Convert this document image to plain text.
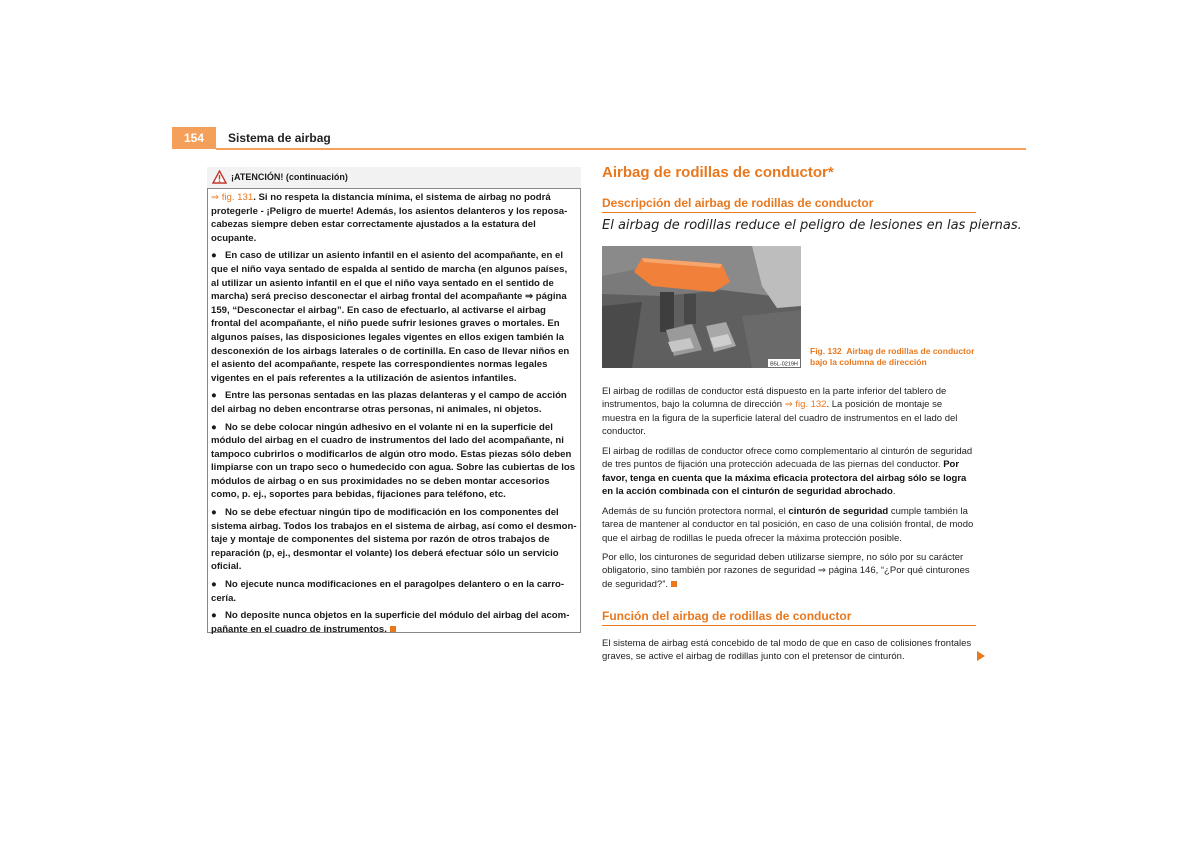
154	Sistema de airbag
¡ATENCIÓN! (continuación)

⇒ fig. 131. Si no respeta la distancia mínima, el sistema de airbag no podrá protegerle - ¡Peligro de muerte! Además, los asientos delanteros y los reposacabezas siempre deben estar correctamente ajustados a la estatura del ocupante.

● En caso de utilizar un asiento infantil en el asiento del acompañante, en el que el niño vaya sentado de espalda al sentido de marcha (en algunos países, al utilizar un asiento infantil en el que el niño vaya sentado en el sentido de marcha) será preciso desconectar el airbag frontal del acompañante ⇒ página 159, “Desconectar el airbag”. En caso de efectuarlo, al activarse el airbag frontal del acompañante, el niño puede sufrir lesiones graves o mortales. En algunos países, las disposiciones legales vigentes en ellos exigen también la desconexión de los airbags laterales o de cortinilla. En caso de llevar niños en el asiento del acompañante, respete las correspondientes normas legales vigentes en el país referentes a la utilización de asientos infantiles.

● Entre las personas sentadas en las plazas delanteras y el campo de acción del airbag no deben encontrarse otras personas, ni animales, ni objetos.

● No se debe colocar ningún adhesivo en el volante ni en la superficie del módulo del airbag en el cuadro de instrumentos del lado del acompañante, ni tampoco cubrirlos o modificarlos de algún otro modo. Estas piezas sólo deben limpiarse con un trapo seco o humedecido con agua. Sobre las cubiertas de los módulos de airbag o en sus proximidades no se deben montar accesorios como, p. ej., soportes para bebidas, fijaciones para teléfono, etc.

● No se debe efectuar ningún tipo de modificación en los componentes del sistema airbag. Todos los trabajos en el sistema de airbag, así como el desmontaje y montaje de componentes del sistema por razón de otros trabajos de reparación (p, ej., desmontar el volante) los deberá efectuar sólo un servicio oficial.

● No ejecute nunca modificaciones en el paragolpes delantero o en la carrocería.

● No deposite nunca objetos en la superficie del módulo del airbag del acompañante en el cuadro de instrumentos.

Airbag de rodillas de conductor*
Descripción del airbag de rodillas de conductor
El airbag de rodillas reduce el peligro de lesiones en las piernas.
B5L-0219H
Fig. 132 Airbag de rodillas de conductor bajo la columna de dirección
El airbag de rodillas de conductor está dispuesto en la parte inferior del tablero de instrumentos, bajo la columna de dirección ⇒ fig. 132. La posición de montaje se muestra en la figura de la superficie lateral del cuadro de instrumentos en el lado del conductor.
El airbag de rodillas de conductor ofrece como complementario al cinturón de seguridad de tres puntos de fijación una protección adecuada de las piernas del conductor. Por favor, tenga en cuenta que la máxima eficacia protectora del airbag sólo se logra en la acción combinada con el cinturón de seguridad abrochado.
Además de su función protectora normal, el cinturón de seguridad cumple también la tarea de mantener al conductor en tal posición, en caso de una colisión frontal, de modo que el airbag de rodillas le pueda ofrecer la máxima protección posible.
Por ello, los cinturones de seguridad deben utilizarse siempre, no sólo por su carácter obligatorio, sino también por razones de seguridad ⇒ página 146, “¿Por qué cinturones de seguridad?”.
Función del airbag de rodillas de conductor
El sistema de airbag está concebido de tal modo de que en caso de colisiones frontales graves, se active el airbag de rodillas junto con el pretensor de cinturón.
